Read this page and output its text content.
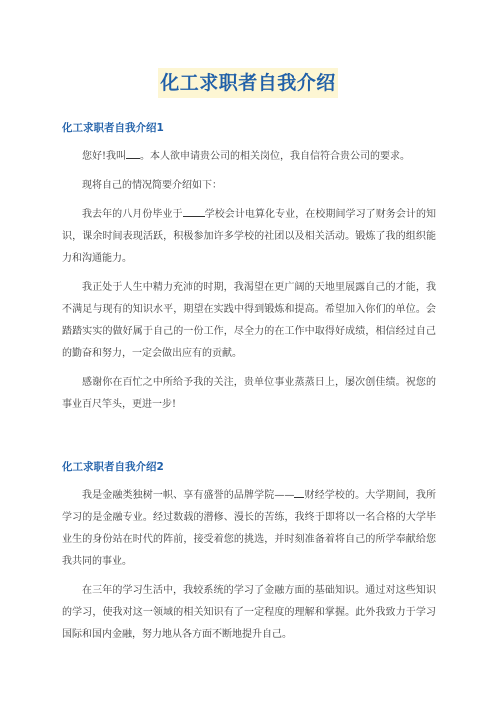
化工求职者自我介绍
化工求职者自我介绍1

您好!我叫 。本人欲申请贵公司的相关岗位，我自信符合贵公司的要求。

现将自己的情况简要介绍如下：

我去年的八月份毕业于 学校会计电算化专业，在校期间学习了财务会计的知识，课余时间表现活跃，积极参加许多学校的社团以及相关活动。锻炼了我的组织能力和沟通能力。

我正处于人生中精力充沛的时期，我渴望在更广阔的天地里展露自己的才能，我不满足与现有的知识水平，期望在实践中得到锻炼和提高。希望加入你们的单位。会踏踏实实的做好属于自己的一份工作，尽全力的在工作中取得好成绩，相信经过自己的勤奋和努力，一定会做出应有的贡献。

感谢你在百忙之中所给予我的关注，贵单位事业蒸蒸日上，屡次创佳绩。祝您的事业百尺竿头，更进一步!

化工求职者自我介绍2

我是金融类独树一帜、享有盛誉的品牌学院—— 财经学校的。大学期间，我所学习的是金融专业。经过数载的潜修、漫长的苦练，我终于即将以一名合格的大学毕业生的身份站在时代的阵前，接受着您的挑选，并时刻准备着将自己的所学奉献给您我共同的事业。

在三年的学习生活中，我较系统的学习了金融方面的基础知识。通过对这些知识的学习，使我对这一领域的相关知识有了一定程度的理解和掌握。此外我致力于学习国际和国内金融，努力地从各方面不断地提升自己。
